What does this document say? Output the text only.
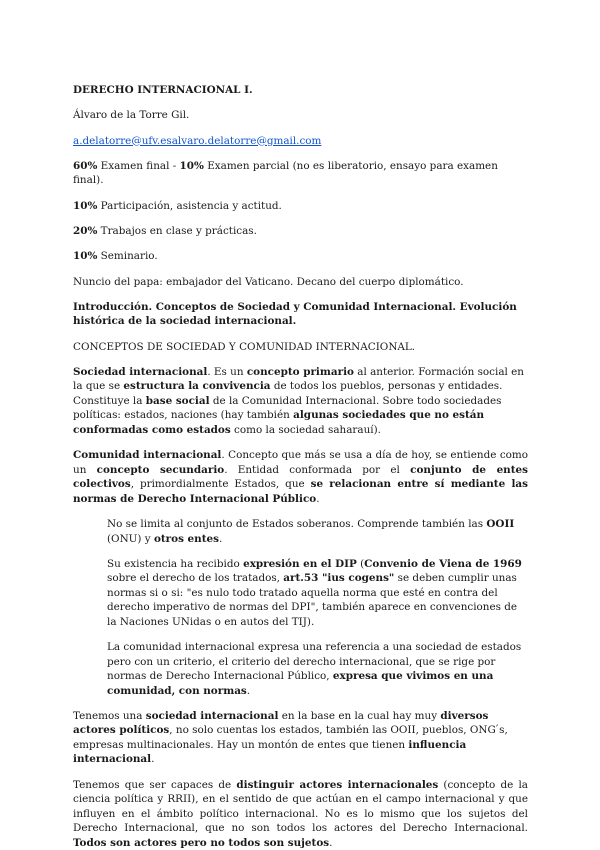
DERECHO INTERNACIONAL I.

Álvaro de la Torre Gil.

a.delatorre@ufv.esalvaro.delatorre@gmail.com

60% Examen final - 10% Examen parcial (no es liberatorio, ensayo para examen final).

10% Participación, asistencia y actitud.

20% Trabajos en clase y prácticas.

10% Seminario.

Nuncio del papa: embajador del Vaticano. Decano del cuerpo diplomático.

Introducción. Conceptos de Sociedad y Comunidad Internacional. Evolución histórica de la sociedad internacional.

CONCEPTOS DE SOCIEDAD Y COMUNIDAD INTERNACIONAL.

Sociedad internacional. Es un concepto primario al anterior. Formación social en la que se estructura la convivencia de todos los pueblos, personas y entidades. Constituye la base social de la Comunidad Internacional. Sobre todo sociedades políticas: estados, naciones (hay también algunas sociedades que no están conformadas como estados como la sociedad saharauí).

Comunidad internacional. Concepto que más se usa a día de hoy, se entiende como un concepto secundario. Entidad conformada por el conjunto de entes colectivos, primordialmente Estados, que se relacionan entre sí mediante las normas de Derecho Internacional Público.

No se limita al conjunto de Estados soberanos. Comprende también las OOII (ONU) y otros entes.

Su existencia ha recibido expresión en el DIP (Convenio de Viena de 1969 sobre el derecho de los tratados, art.53 "ius cogens" se deben cumplir unas normas si o si: "es nulo todo tratado aquella norma que esté en contra del derecho imperativo de normas del DPI", también aparece en convenciones de la Naciones UNidas o en autos del TIJ).

La comunidad internacional expresa una referencia a una sociedad de estados pero con un criterio, el criterio del derecho internacional, que se rige por normas de Derecho Internacional Público, expresa que vivimos en una comunidad, con normas.

Tenemos una sociedad internacional en la base en la cual hay muy diversos actores políticos, no solo cuentas los estados, también las OOII, pueblos, ONG ́s, empresas multinacionales. Hay un montón de entes que tienen influencia internacional.

Tenemos que ser capaces de distinguir actores internacionales (concepto de la ciencia política y RRII), en el sentido de que actúan en el campo internacional y que influyen en el ámbito político internacional. No es lo mismo que los sujetos del Derecho Internacional, que no son todos los actores del Derecho Internacional. Todos son actores pero no todos son sujetos.
